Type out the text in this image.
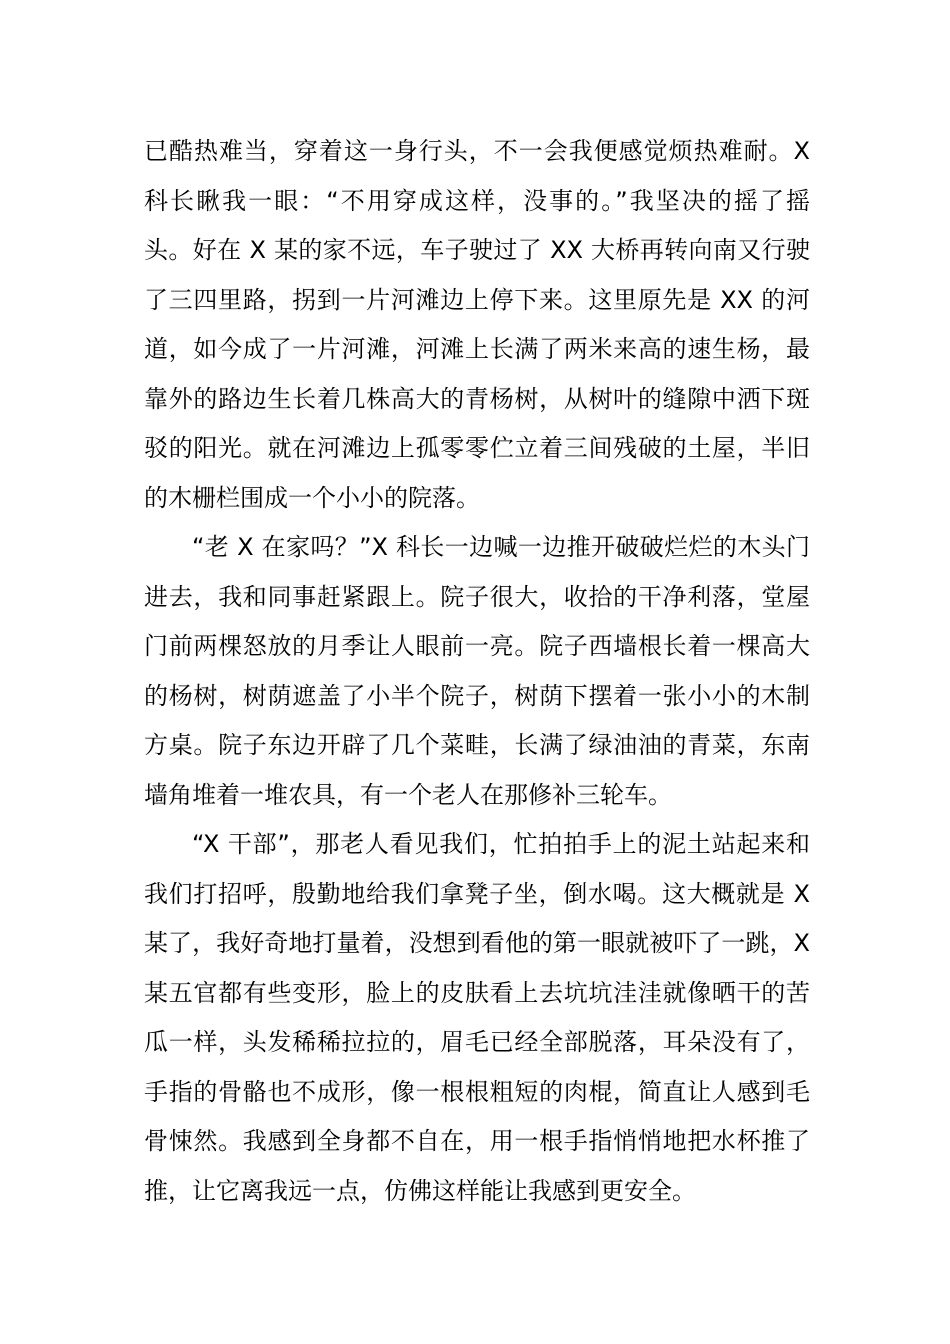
已酷热难当，穿着这一身行头，不一会我便感觉烦热难耐。X
科长瞅我一眼：“不用穿成这样，没事的。”我坚决的摇了摇
头。好在 X 某的家不远，车子驶过了 XX 大桥再转向南又行驶
了三四里路，拐到一片河滩边上停下来。这里原先是 XX 的河
道，如今成了一片河滩，河滩上长满了两米来高的速生杨，最
靠外的路边生长着几株高大的青杨树，从树叶的缝隙中洒下斑
驳的阳光。就在河滩边上孤零零伫立着三间残破的土屋，半旧
的木栅栏围成一个小小的院落。
“老 X 在家吗？”X 科长一边喊一边推开破破烂烂的木头门
进去，我和同事赶紧跟上。院子很大，收拾的干净利落，堂屋
门前两棵怒放的月季让人眼前一亮。院子西墙根长着一棵高大
的杨树，树荫遮盖了小半个院子，树荫下摆着一张小小的木制
方桌。院子东边开辟了几个菜畦，长满了绿油油的青菜，东南
墙角堆着一堆农具，有一个老人在那修补三轮车。
“X 干部”，那老人看见我们，忙拍拍手上的泥土站起来和
我们打招呼，殷勤地给我们拿凳子坐，倒水喝。这大概就是 X
某了，我好奇地打量着，没想到看他的第一眼就被吓了一跳，X
某五官都有些变形，脸上的皮肤看上去坑坑洼洼就像晒干的苦
瓜一样，头发稀稀拉拉的，眉毛已经全部脱落，耳朵没有了，
手指的骨骼也不成形，像一根根粗短的肉棍，简直让人感到毛
骨悚然。我感到全身都不自在，用一根手指悄悄地把水杯推了
推，让它离我远一点，仿佛这样能让我感到更安全。
